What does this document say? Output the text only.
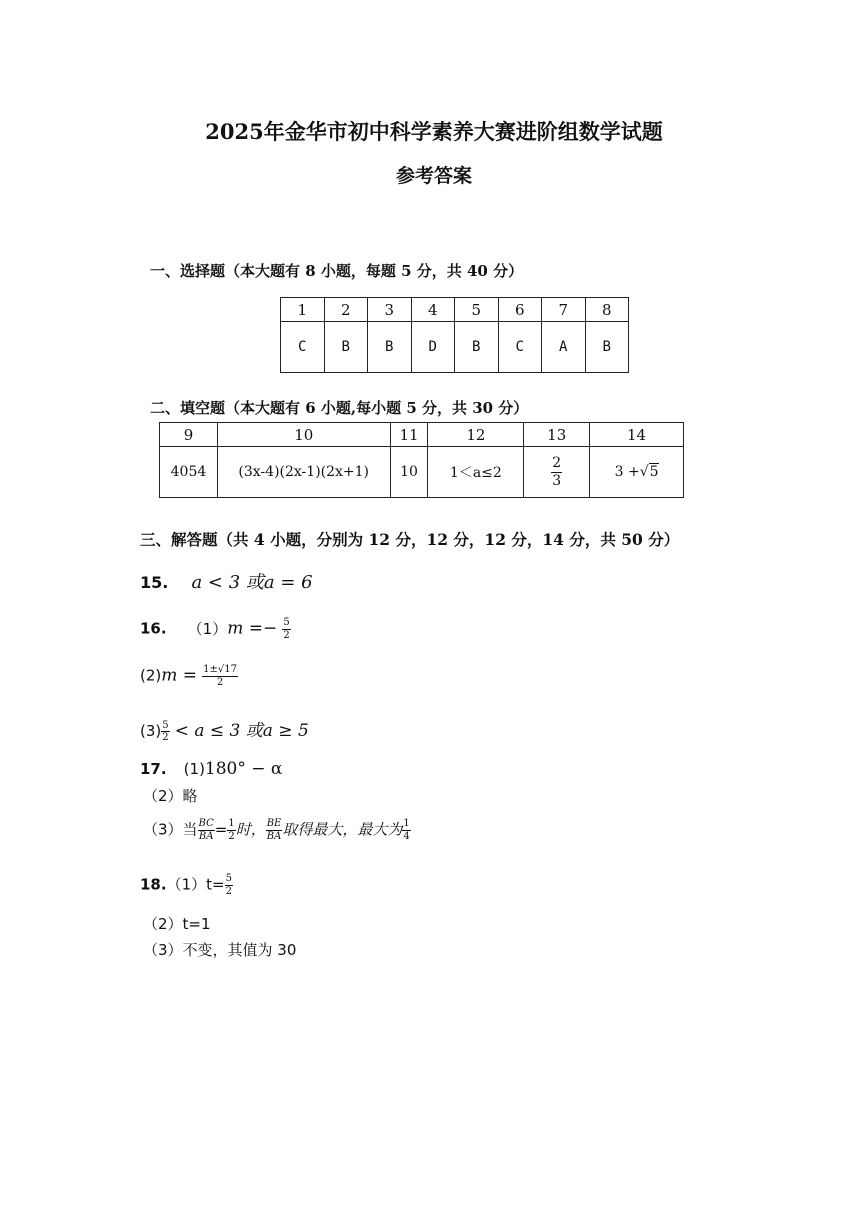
2025年金华市初中科学素养大赛进阶组数学试题
参考答案
一、选择题（本大题有 8 小题，每题 5 分，共 40 分）
1	2	3	4	5	6	7	8
C	B	B	D	B	C	A	B
二、填空题（本大题有 6 小题,每小题 5 分，共 30 分）
9	10	11	12	13	14
4054	(3x-4)(2x-1)(2x+1)	10	1＜a≤2	$\frac{2}{3}$	3 +√5
三、解答题（共 4 小题，分别为 12 分，12 分，12 分，14 分，共 50 分）
15. a < 3 或a = 6
16. $(1)m =- \frac{5}{2}$
$(2)m = \frac{1\pm√17}{2}$
$(3) \frac{5}{2} < a \le 3$ 或a ≥ 5
17. (1)180° − α
（2）略
（3）当 $\frac{BC}{BA} = \frac{1}{2}$ 时， $\frac{BE}{BA}$ 取得最大，最大为 $\frac{1}{4}$
$18.(1)t= \frac{5}{2}$
（2）t=1
（3）不变，其值为 30
